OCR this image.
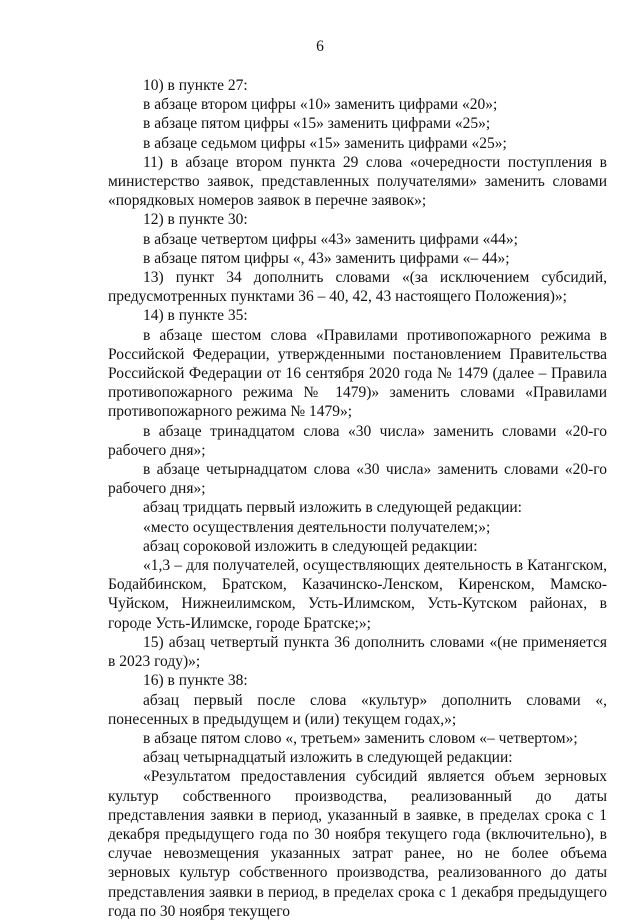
6

10) в пункте 27:

в абзаце втором цифры «10» заменить цифрами «20»;

в абзаце пятом цифры «15» заменить цифрами «25»;

в абзаце седьмом цифры «15» заменить цифрами «25»;

11) в абзаце втором пункта 29 слова «очередности поступления в министерство заявок, представленных получателями» заменить словами «порядковых номеров заявок в перечне заявок»;

12) в пункте 30:

в абзаце четвертом цифры «43» заменить цифрами «44»;

в абзаце пятом цифры «, 43» заменить цифрами «– 44»;

13) пункт 34 дополнить словами «(за исключением субсидий, предусмотренных пунктами 36 – 40, 42, 43 настоящего Положения)»;

14) в пункте 35:

в абзаце шестом слова «Правилами противопожарного режима в Российской Федерации, утвержденными постановлением Правительства Российской Федерации от 16 сентября 2020 года № 1479 (далее – Правила противопожарного режима № 1479)» заменить словами «Правилами противопожарного режима № 1479»;

в абзаце тринадцатом слова «30 числа» заменить словами «20-го рабочего дня»;

в абзаце четырнадцатом слова «30 числа» заменить словами «20-го рабочего дня»;

абзац тридцать первый изложить в следующей редакции:

«место осуществления деятельности получателем;»;

абзац сороковой изложить в следующей редакции:

«1,3 – для получателей, осуществляющих деятельность в Катангском, Бодайбинском, Братском, Казачинско-Ленском, Киренском, Мамско-Чуйском, Нижнеилимском, Усть-Илимском, Усть-Кутском районах, в городе Усть-Илимске, городе Братске;»;

15) абзац четвертый пункта 36 дополнить словами «(не применяется в 2023 году)»;

16) в пункте 38:

абзац первый после слова «культур» дополнить словами «, понесенных в предыдущем и (или) текущем годах,»;

в абзаце пятом слово «, третьем» заменить словом «– четвертом»;

абзац четырнадцатый изложить в следующей редакции:

«Результатом предоставления субсидий является объем зерновых культур собственного производства, реализованный до даты представления заявки в период, указанный в заявке, в пределах срока с 1 декабря предыдущего года по 30 ноября текущего года (включительно), в случае невозмещения указанных затрат ранее, но не более объема зерновых культур собственного производства, реализованного до даты представления заявки в период, в пределах срока с 1 декабря предыдущего года по 30 ноября текущего
